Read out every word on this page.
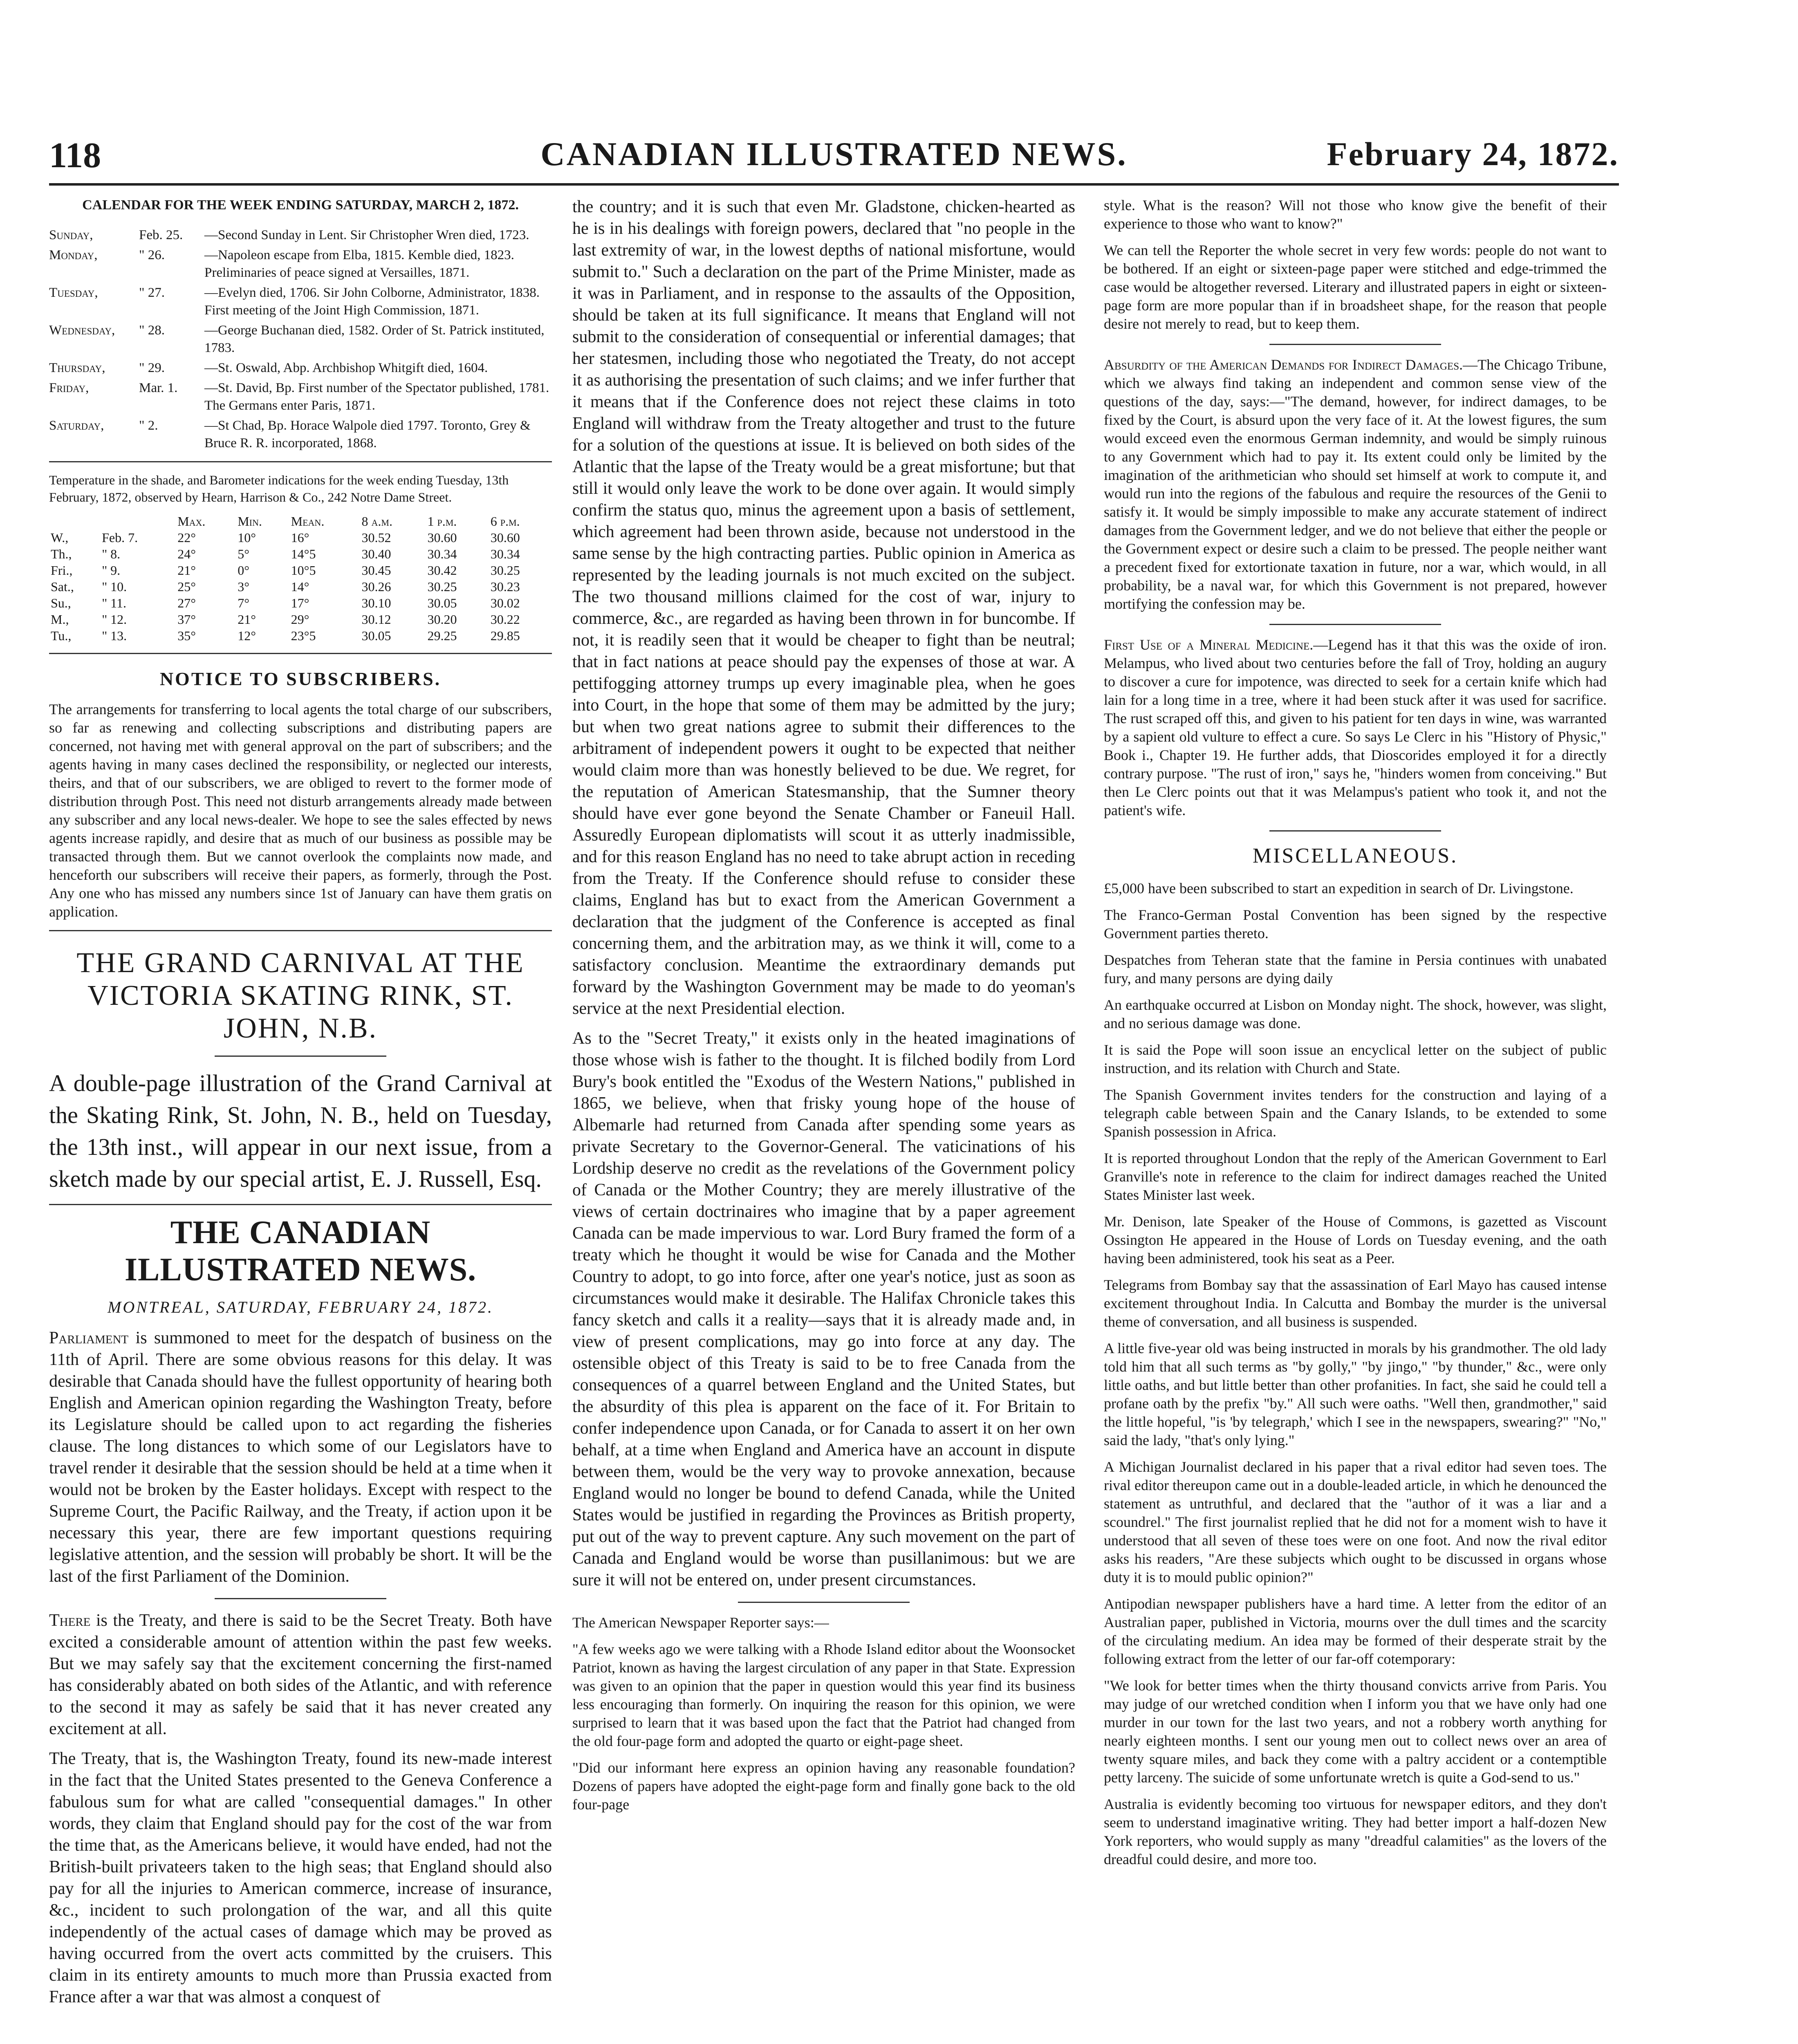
118	CANADIAN ILLUSTRATED NEWS.	February 24, 1872.
CALENDAR FOR THE WEEK ENDING SATURDAY, MARCH 2, 1872.
Sunday,	Feb. 25.	—Second Sunday in Lent. Sir Christopher Wren died, 1723.
Monday,	" 26.	—Napoleon escape from Elba, 1815. Kemble died, 1823. Preliminaries of peace signed at Versailles, 1871.
Tuesday,	" 27.	—Evelyn died, 1706. Sir John Colborne, Administrator, 1838. First meeting of the Joint High Commission, 1871.
Wednesday,	" 28.	—George Buchanan died, 1582. Order of St. Patrick instituted, 1783.
Thursday,	" 29.	—St. Oswald, Abp. Archbishop Whitgift died, 1604.
Friday,	Mar. 1.	—St. David, Bp. First number of the Spectator published, 1781. The Germans enter Paris, 1871.
Saturday,	" 2.	—St Chad, Bp. Horace Walpole died 1797. Toronto, Grey & Bruce R. R. incorporated, 1868.
Temperature in the shade, and Barometer indications for the week ending Tuesday, 13th February, 1872, observed by Hearn, Harrison & Co., 242 Notre Dame Street.
		Max.	Min.	Mean.	8 a.m.	1 p.m.	6 p.m.
W.,	Feb. 7.	22°	10°	16°	30.52	30.60	30.60
Th.,	" 8.	24°	5°	14°5	30.40	30.34	30.34
Fri.,	" 9.	21°	0°	10°5	30.45	30.42	30.25
Sat.,	" 10.	25°	3°	14°	30.26	30.25	30.23
Su.,	" 11.	27°	7°	17°	30.10	30.05	30.02
M.,	" 12.	37°	21°	29°	30.12	30.20	30.22
Tu.,	" 13.	35°	12°	23°5	30.05	29.25	29.85
NOTICE TO SUBSCRIBERS.

The arrangements for transferring to local agents the total charge of our subscribers, so far as renewing and collecting subscriptions and distributing papers are concerned, not having met with general approval on the part of subscribers; and the agents having in many cases declined the responsibility, or neglected our interests, theirs, and that of our subscribers, we are obliged to revert to the former mode of distribution through Post. This need not disturb arrangements already made between any subscriber and any local news-dealer. We hope to see the sales effected by news agents increase rapidly, and desire that as much of our business as possible may be transacted through them. But we cannot overlook the complaints now made, and henceforth our subscribers will receive their papers, as formerly, through the Post. Any one who has missed any numbers since 1st of January can have them gratis on application.

THE GRAND CARNIVAL AT THE VICTORIA SKATING RINK, ST. JOHN, N.B.
A double-page illustration of the Grand Carnival at the Skating Rink, St. John, N. B., held on Tuesday, the 13th inst., will appear in our next issue, from a sketch made by our special artist, E. J. Russell, Esq.
THE CANADIAN ILLUSTRATED NEWS.
MONTREAL, SATURDAY, FEBRUARY 24, 1872.

Parliament is summoned to meet for the despatch of business on the 11th of April. There are some obvious reasons for this delay. It was desirable that Canada should have the fullest opportunity of hearing both English and American opinion regarding the Washington Treaty, before its Legislature should be called upon to act regarding the fisheries clause. The long distances to which some of our Legislators have to travel render it desirable that the session should be held at a time when it would not be broken by the Easter holidays. Except with respect to the Supreme Court, the Pacific Railway, and the Treaty, if action upon it be necessary this year, there are few important questions requiring legislative attention, and the session will probably be short. It will be the last of the first Parliament of the Dominion.

There is the Treaty, and there is said to be the Secret Treaty. Both have excited a considerable amount of attention within the past few weeks. But we may safely say that the excitement concerning the first-named has considerably abated on both sides of the Atlantic, and with reference to the second it may as safely be said that it has never created any excitement at all.

The Treaty, that is, the Washington Treaty, found its new-made interest in the fact that the United States presented to the Geneva Conference a fabulous sum for what are called "consequential damages." In other words, they claim that England should pay for the cost of the war from the time that, as the Americans believe, it would have ended, had not the British-built privateers taken to the high seas; that England should also pay for all the injuries to American commerce, increase of insurance, &c., incident to such prolongation of the war, and all this quite independently of the actual cases of damage which may be proved as having occurred from the overt acts committed by the cruisers. This claim in its entirety amounts to much more than Prussia exacted from France after a war that was almost a conquest of

the country; and it is such that even Mr. Gladstone, chicken-hearted as he is in his dealings with foreign powers, declared that "no people in the last extremity of war, in the lowest depths of national misfortune, would submit to." Such a declaration on the part of the Prime Minister, made as it was in Parliament, and in response to the assaults of the Opposition, should be taken at its full significance. It means that England will not submit to the consideration of consequential or inferential damages; that her statesmen, including those who negotiated the Treaty, do not accept it as authorising the presentation of such claims; and we infer further that it means that if the Conference does not reject these claims in toto England will withdraw from the Treaty altogether and trust to the future for a solution of the questions at issue. It is believed on both sides of the Atlantic that the lapse of the Treaty would be a great misfortune; but that still it would only leave the work to be done over again. It would simply confirm the status quo, minus the agreement upon a basis of settlement, which agreement had been thrown aside, because not understood in the same sense by the high contracting parties. Public opinion in America as represented by the leading journals is not much excited on the subject. The two thousand millions claimed for the cost of war, injury to commerce, &c., are regarded as having been thrown in for buncombe. If not, it is readily seen that it would be cheaper to fight than be neutral; that in fact nations at peace should pay the expenses of those at war. A pettifogging attorney trumps up every imaginable plea, when he goes into Court, in the hope that some of them may be admitted by the jury; but when two great nations agree to submit their differences to the arbitrament of independent powers it ought to be expected that neither would claim more than was honestly believed to be due. We regret, for the reputation of American Statesmanship, that the Sumner theory should have ever gone beyond the Senate Chamber or Faneuil Hall. Assuredly European diplomatists will scout it as utterly inadmissible, and for this reason England has no need to take abrupt action in receding from the Treaty. If the Conference should refuse to consider these claims, England has but to exact from the American Government a declaration that the judgment of the Conference is accepted as final concerning them, and the arbitration may, as we think it will, come to a satisfactory conclusion. Meantime the extraordinary demands put forward by the Washington Government may be made to do yeoman's service at the next Presidential election.

As to the "Secret Treaty," it exists only in the heated imaginations of those whose wish is father to the thought. It is filched bodily from Lord Bury's book entitled the "Exodus of the Western Nations," published in 1865, we believe, when that frisky young hope of the house of Albemarle had returned from Canada after spending some years as private Secretary to the Governor-General. The vaticinations of his Lordship deserve no credit as the revelations of the Government policy of Canada or the Mother Country; they are merely illustrative of the views of certain doctrinaires who imagine that by a paper agreement Canada can be made impervious to war. Lord Bury framed the form of a treaty which he thought it would be wise for Canada and the Mother Country to adopt, to go into force, after one year's notice, just as soon as circumstances would make it desirable. The Halifax Chronicle takes this fancy sketch and calls it a reality—says that it is already made and, in view of present complications, may go into force at any day. The ostensible object of this Treaty is said to be to free Canada from the consequences of a quarrel between England and the United States, but the absurdity of this plea is apparent on the face of it. For Britain to confer independence upon Canada, or for Canada to assert it on her own behalf, at a time when England and America have an account in dispute between them, would be the very way to provoke annexation, because England would no longer be bound to defend Canada, while the United States would be justified in regarding the Provinces as British property, put out of the way to prevent capture. Any such movement on the part of Canada and England would be worse than pusillanimous: but we are sure it will not be entered on, under present circumstances.

The American Newspaper Reporter says:—

"A few weeks ago we were talking with a Rhode Island editor about the Woonsocket Patriot, known as having the largest circulation of any paper in that State. Expression was given to an opinion that the paper in question would this year find its business less encouraging than formerly. On inquiring the reason for this opinion, we were surprised to learn that it was based upon the fact that the Patriot had changed from the old four-page form and adopted the quarto or eight-page sheet.

"Did our informant here express an opinion having any reasonable foundation? Dozens of papers have adopted the eight-page form and finally gone back to the old four-page

style. What is the reason? Will not those who know give the benefit of their experience to those who want to know?"

We can tell the Reporter the whole secret in very few words: people do not want to be bothered. If an eight or sixteen-page paper were stitched and edge-trimmed the case would be altogether reversed. Literary and illustrated papers in eight or sixteen-page form are more popular than if in broadsheet shape, for the reason that people desire not merely to read, but to keep them.

Absurdity of the American Demands for Indirect Damages.—The Chicago Tribune, which we always find taking an independent and common sense view of the questions of the day, says:—"The demand, however, for indirect damages, to be fixed by the Court, is absurd upon the very face of it. At the lowest figures, the sum would exceed even the enormous German indemnity, and would be simply ruinous to any Government which had to pay it. Its extent could only be limited by the imagination of the arithmetician who should set himself at work to compute it, and would run into the regions of the fabulous and require the resources of the Genii to satisfy it. It would be simply impossible to make any accurate statement of indirect damages from the Government ledger, and we do not believe that either the people or the Government expect or desire such a claim to be pressed. The people neither want a precedent fixed for extortionate taxation in future, nor a war, which would, in all probability, be a naval war, for which this Government is not prepared, however mortifying the confession may be.

First Use of a Mineral Medicine.—Legend has it that this was the oxide of iron. Melampus, who lived about two centuries before the fall of Troy, holding an augury to discover a cure for impotence, was directed to seek for a certain knife which had lain for a long time in a tree, where it had been stuck after it was used for sacrifice. The rust scraped off this, and given to his patient for ten days in wine, was warranted by a sapient old vulture to effect a cure. So says Le Clerc in his "History of Physic," Book i., Chapter 19. He further adds, that Dioscorides employed it for a directly contrary purpose. "The rust of iron," says he, "hinders women from conceiving." But then Le Clerc points out that it was Melampus's patient who took it, and not the patient's wife.

MISCELLANEOUS.

£5,000 have been subscribed to start an expedition in search of Dr. Livingstone.

The Franco-German Postal Convention has been signed by the respective Government parties thereto.

Despatches from Teheran state that the famine in Persia continues with unabated fury, and many persons are dying daily

An earthquake occurred at Lisbon on Monday night. The shock, however, was slight, and no serious damage was done.

It is said the Pope will soon issue an encyclical letter on the subject of public instruction, and its relation with Church and State.

The Spanish Government invites tenders for the construction and laying of a telegraph cable between Spain and the Canary Islands, to be extended to some Spanish possession in Africa.

It is reported throughout London that the reply of the American Government to Earl Granville's note in reference to the claim for indirect damages reached the United States Minister last week.

Mr. Denison, late Speaker of the House of Commons, is gazetted as Viscount Ossington He appeared in the House of Lords on Tuesday evening, and the oath having been administered, took his seat as a Peer.

Telegrams from Bombay say that the assassination of Earl Mayo has caused intense excitement throughout India. In Calcutta and Bombay the murder is the universal theme of conversation, and all business is suspended.

A little five-year old was being instructed in morals by his grandmother. The old lady told him that all such terms as "by golly," "by jingo," "by thunder," &c., were only little oaths, and but little better than other profanities. In fact, she said he could tell a profane oath by the prefix "by." All such were oaths. "Well then, grandmother," said the little hopeful, "is 'by telegraph,' which I see in the newspapers, swearing?" "No," said the lady, "that's only lying."

A Michigan Journalist declared in his paper that a rival editor had seven toes. The rival editor thereupon came out in a double-leaded article, in which he denounced the statement as untruthful, and declared that the "author of it was a liar and a scoundrel." The first journalist replied that he did not for a moment wish to have it understood that all seven of these toes were on one foot. And now the rival editor asks his readers, "Are these subjects which ought to be discussed in organs whose duty it is to mould public opinion?"

Antipodian newspaper publishers have a hard time. A letter from the editor of an Australian paper, published in Victoria, mourns over the dull times and the scarcity of the circulating medium. An idea may be formed of their desperate strait by the following extract from the letter of our far-off cotemporary:

"We look for better times when the thirty thousand convicts arrive from Paris. You may judge of our wretched condition when I inform you that we have only had one murder in our town for the last two years, and not a robbery worth anything for nearly eighteen months. I sent our young men out to collect news over an area of twenty square miles, and back they come with a paltry accident or a contemptible petty larceny. The suicide of some unfortunate wretch is quite a God-send to us."

Australia is evidently becoming too virtuous for newspaper editors, and they don't seem to understand imaginative writing. They had better import a half-dozen New York reporters, who would supply as many "dreadful calamities" as the lovers of the dreadful could desire, and more too.
